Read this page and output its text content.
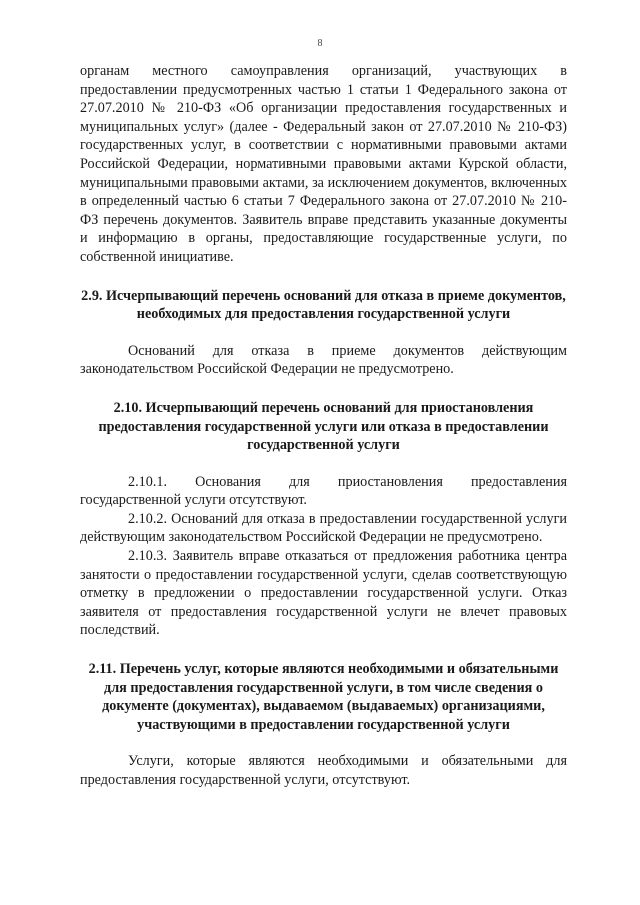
8

органам местного самоуправления организаций, участвующих в предоставлении предусмотренных частью 1 статьи 1 Федерального закона от 27.07.2010 № 210-ФЗ «Об организации предоставления государственных и муниципальных услуг» (далее - Федеральный закон от 27.07.2010 № 210-ФЗ) государственных услуг, в соответствии с нормативными правовыми актами Российской Федерации, нормативными правовыми актами Курской области, муниципальными правовыми актами, за исключением документов, включенных в определенный частью 6 статьи 7 Федерального закона от 27.07.2010 № 210-ФЗ перечень документов. Заявитель вправе представить указанные документы и информацию в органы, предоставляющие государственные услуги, по собственной инициативе.

2.9. Исчерпывающий перечень оснований для отказа в приеме документов, необходимых для предоставления государственной услуги

Оснований для отказа в приеме документов действующим законодательством Российской Федерации не предусмотрено.

2.10. Исчерпывающий перечень оснований для приостановления предоставления государственной услуги или отказа в предоставлении государственной услуги

2.10.1. Основания для приостановления предоставления государственной услуги отсутствуют.

2.10.2. Оснований для отказа в предоставлении государственной услуги действующим законодательством Российской Федерации не предусмотрено.

2.10.3. Заявитель вправе отказаться от предложения работника центра занятости о предоставлении государственной услуги, сделав соответствующую отметку в предложении о предоставлении государственной услуги. Отказ заявителя от предоставления государственной услуги не влечет правовых последствий.

2.11. Перечень услуг, которые являются необходимыми и обязательными для предоставления государственной услуги, в том числе сведения о документе (документах), выдаваемом (выдаваемых) организациями, участвующими в предоставлении государственной услуги

Услуги, которые являются необходимыми и обязательными для предоставления государственной услуги, отсутствуют.
